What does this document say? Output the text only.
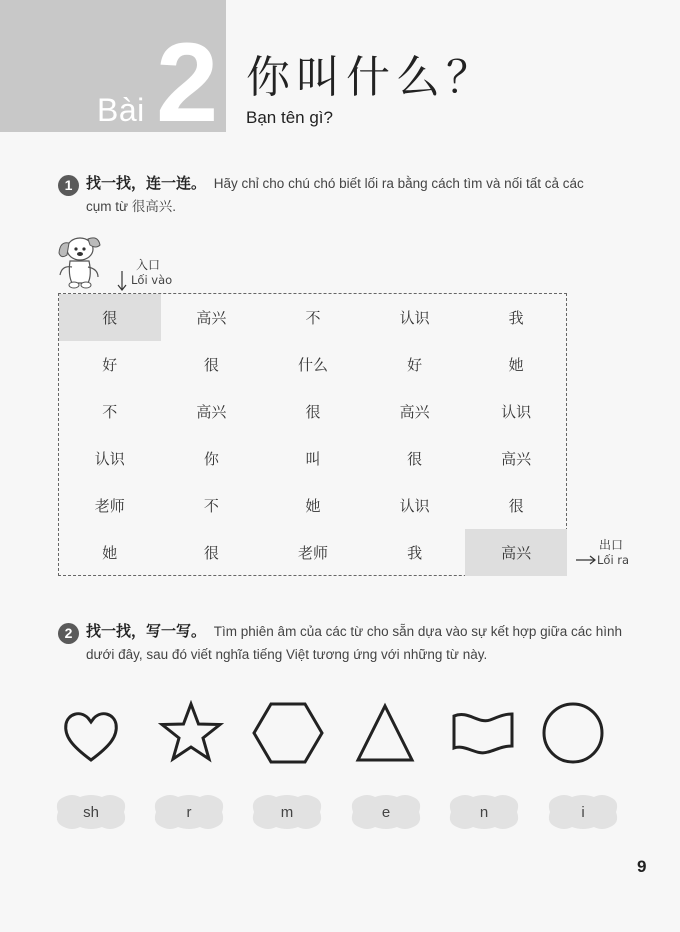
Bài 2 你叫什么？
Bạn tên gì?
1 找一找，连一连。 Hãy chỉ cho chú chó biết lối ra bằng cách tìm và nối tất cả các
cụm từ 很高兴.
入口
Lối vào
很	高兴	不	认识	我
好	很	什么	好	她
不	高兴	很	高兴	认识
认识	你	叫	很	高兴
老师	不	她	认识	很
她	很	老师	我	高兴	出口
Lối ra
2 找一找，写一写。 Tìm phiên âm của các từ cho sẵn dựa vào sự kết hợp giữa các hình
dưới đây, sau đó viết nghĩa tiếng Việt tương ứng với những từ này.
sh	r	m	e	n	i
9
